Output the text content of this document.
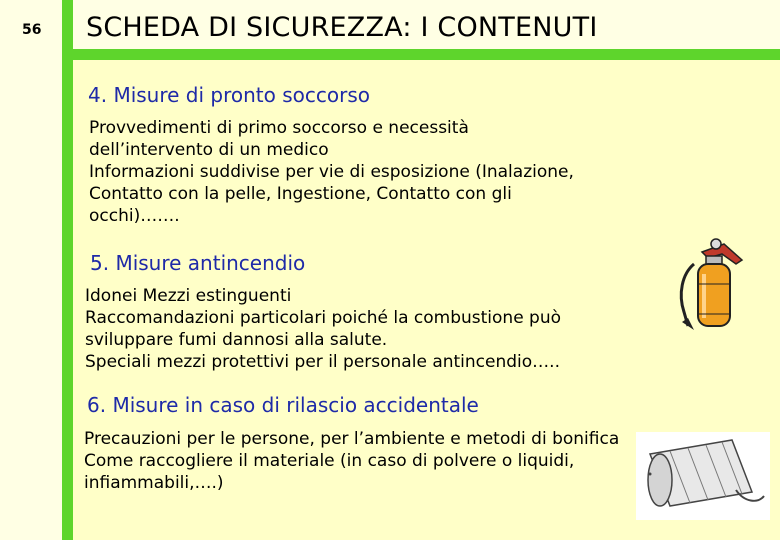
56 SCHEDA DI SICUREZZA: I CONTENUTI
4. Misure di pronto soccorso
Provvedimenti di primo soccorso e necessità
dell’intervento di un medico
Informazioni suddivise per vie di esposizione (Inalazione,
Contatto con la pelle, Ingestione, Contatto con gli
occhi)…….
5. Misure antincendio
Idonei Mezzi estinguenti
Raccomandazioni particolari poiché la combustione può
sviluppare fumi dannosi alla salute.
Speciali mezzi protettivi per il personale antincendio…..
6. Misure in caso di rilascio accidentale
Precauzioni per le persone, per l’ambiente e metodi di bonifica
Come raccogliere il materiale (in caso di polvere o liquidi,
infiammabili,….)
